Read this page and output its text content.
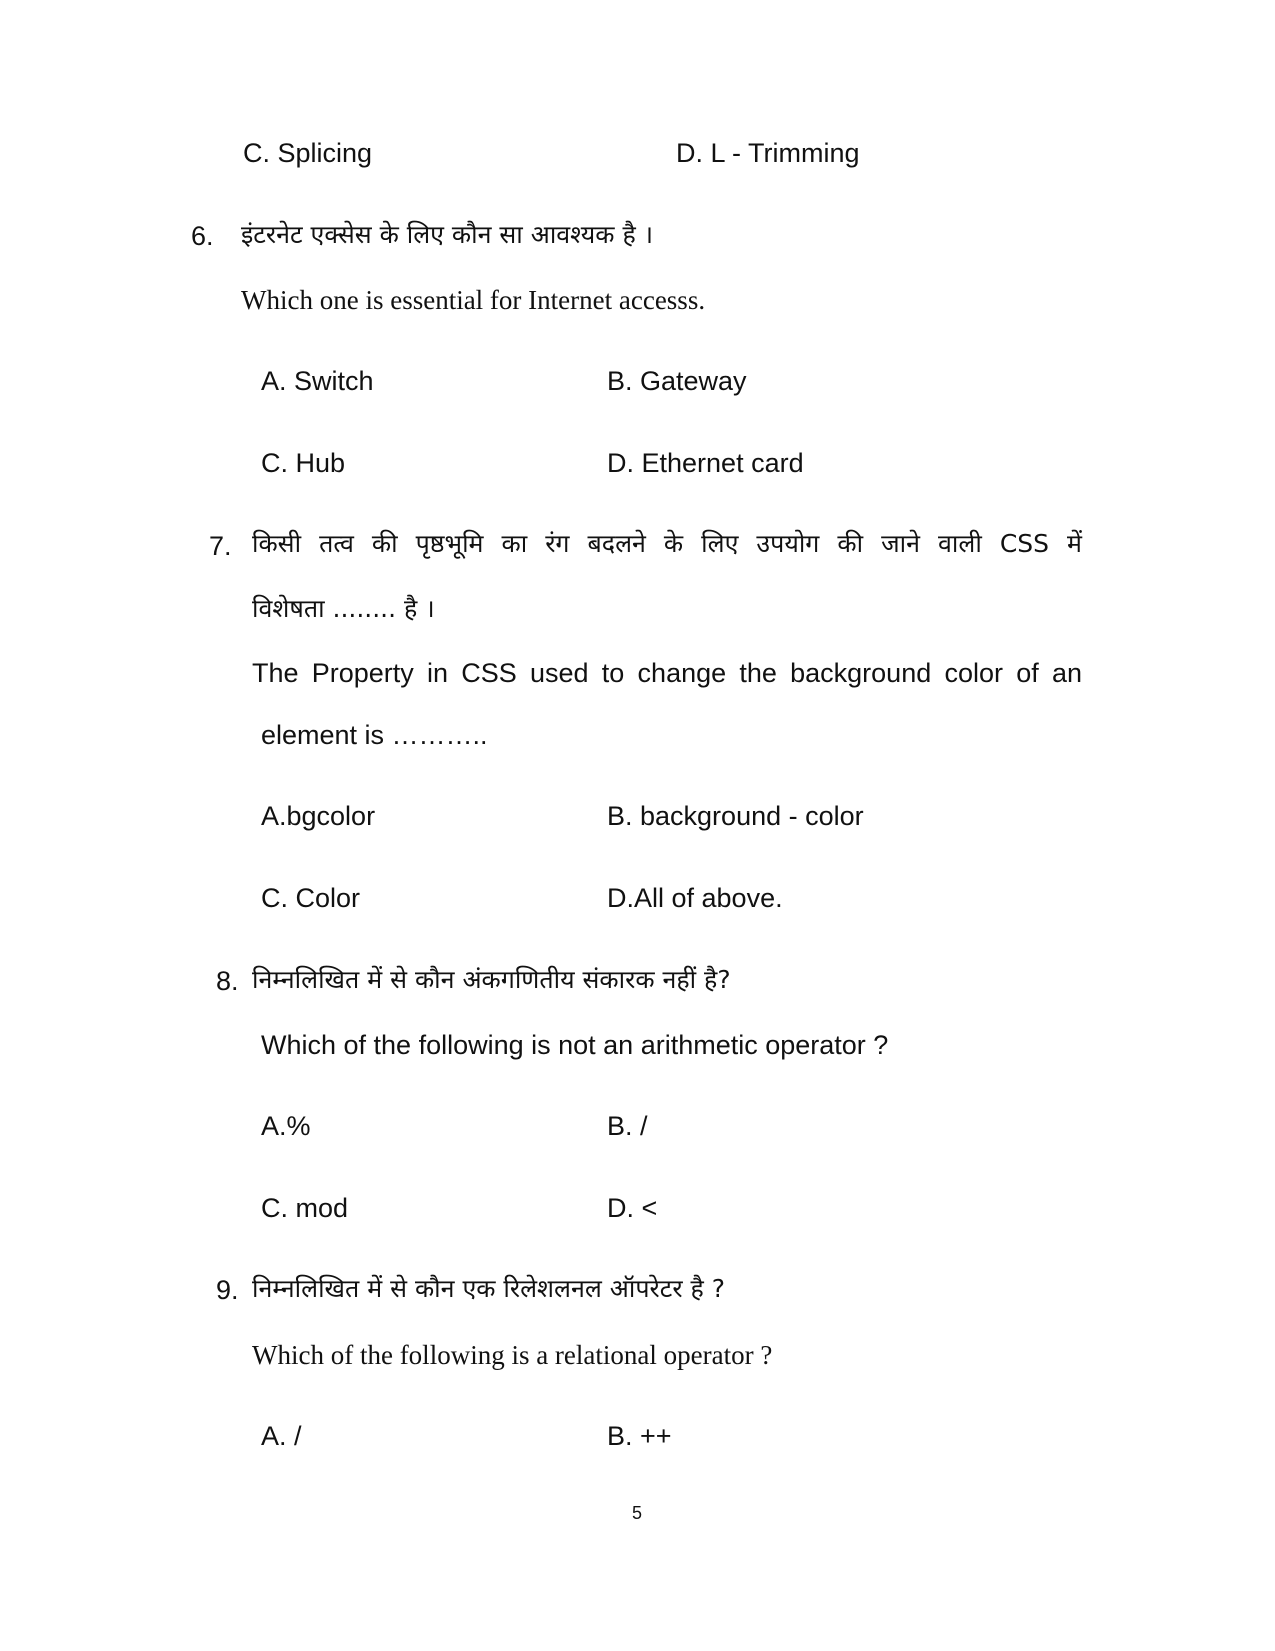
C. Splicing	D. L - Trimming
6. इंटरनेट एक्सेस के लिए कौन सा आवश्यक है ।
Which one is essential for Internet accesss.
A. Switch	B. Gateway
C. Hub	D. Ethernet card
7. किसी तत्व की पृष्ठभूमि का रंग बदलने के लिए उपयोग की जाने वाली CSS में
विशेषता ........ है ।
The Property in CSS used to change the background color of an
element is ………..
A.bgcolor	B. background - color
C. Color	D.All of above.
8. निम्नलिखित में से कौन अंकगणितीय संकारक नहीं है?
Which of the following is not an arithmetic operator ?
A.%	B. /
C. mod	D. <
9. निम्नलिखित में से कौन एक रिलेशलनल ऑपरेटर है ?
Which of the following is a relational operator ?
A. /	B. ++
5
